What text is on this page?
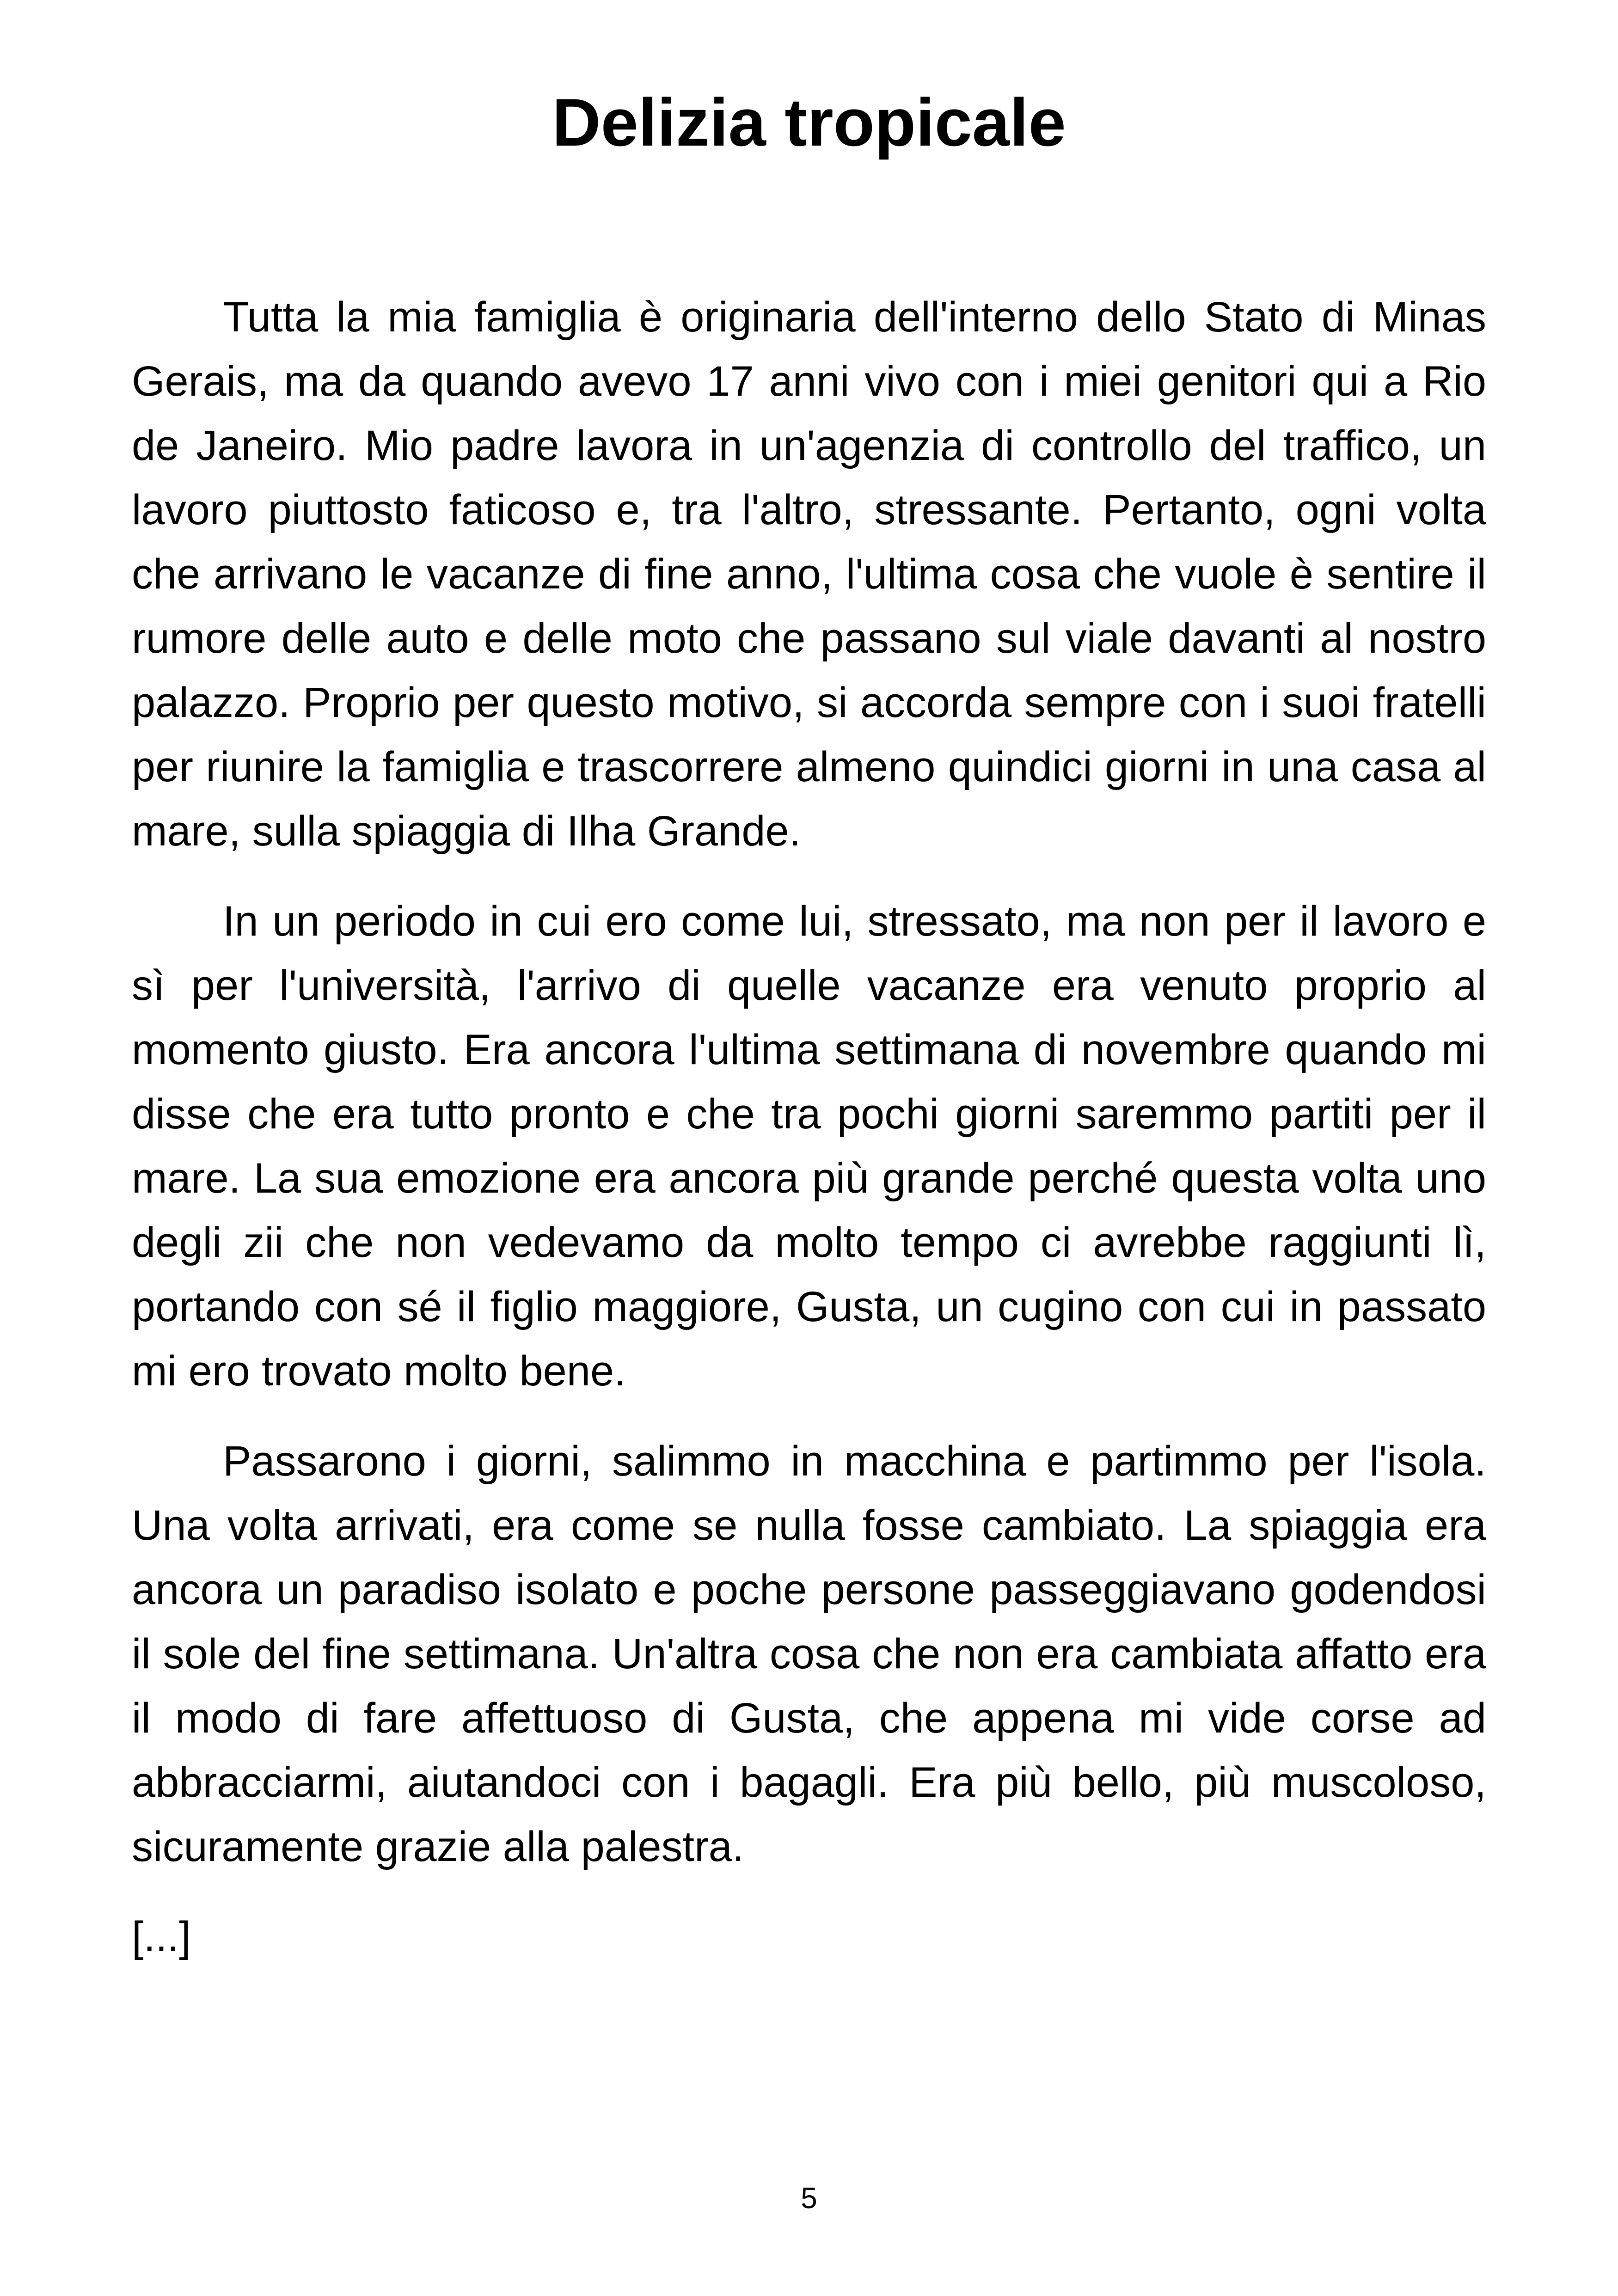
Delizia tropicale

Tutta la mia famiglia è originaria dell'interno dello Stato di Minas Gerais, ma da quando avevo 17 anni vivo con i miei genitori qui a Rio de Janeiro. Mio padre lavora in un'agenzia di controllo del traffico, un lavoro piuttosto faticoso e, tra l'altro, stressante. Pertanto, ogni volta che arrivano le vacanze di fine anno, l'ultima cosa che vuole è sentire il rumore delle auto e delle moto che passano sul viale davanti al nostro palazzo. Proprio per questo motivo, si accorda sempre con i suoi fratelli per riunire la famiglia e trascorrere almeno quindici giorni in una casa al mare, sulla spiaggia di Ilha Grande.

In un periodo in cui ero come lui, stressato, ma non per il lavoro e sì per l'università, l'arrivo di quelle vacanze era venuto proprio al momento giusto. Era ancora l'ultima settimana di novembre quando mi disse che era tutto pronto e che tra pochi giorni saremmo partiti per il mare. La sua emozione era ancora più grande perché questa volta uno degli zii che non vedevamo da molto tempo ci avrebbe raggiunti lì, portando con sé il figlio maggiore, Gusta, un cugino con cui in passato mi ero trovato molto bene.

Passarono i giorni, salimmo in macchina e partimmo per l'isola. Una volta arrivati, era come se nulla fosse cambiato. La spiaggia era ancora un paradiso isolato e poche persone passeggiavano godendosi il sole del fine settimana. Un'altra cosa che non era cambiata affatto era il modo di fare affettuoso di Gusta, che appena mi vide corse ad abbracciarmi, aiutandoci con i bagagli. Era più bello, più muscoloso, sicuramente grazie alla palestra.

[...]

5
